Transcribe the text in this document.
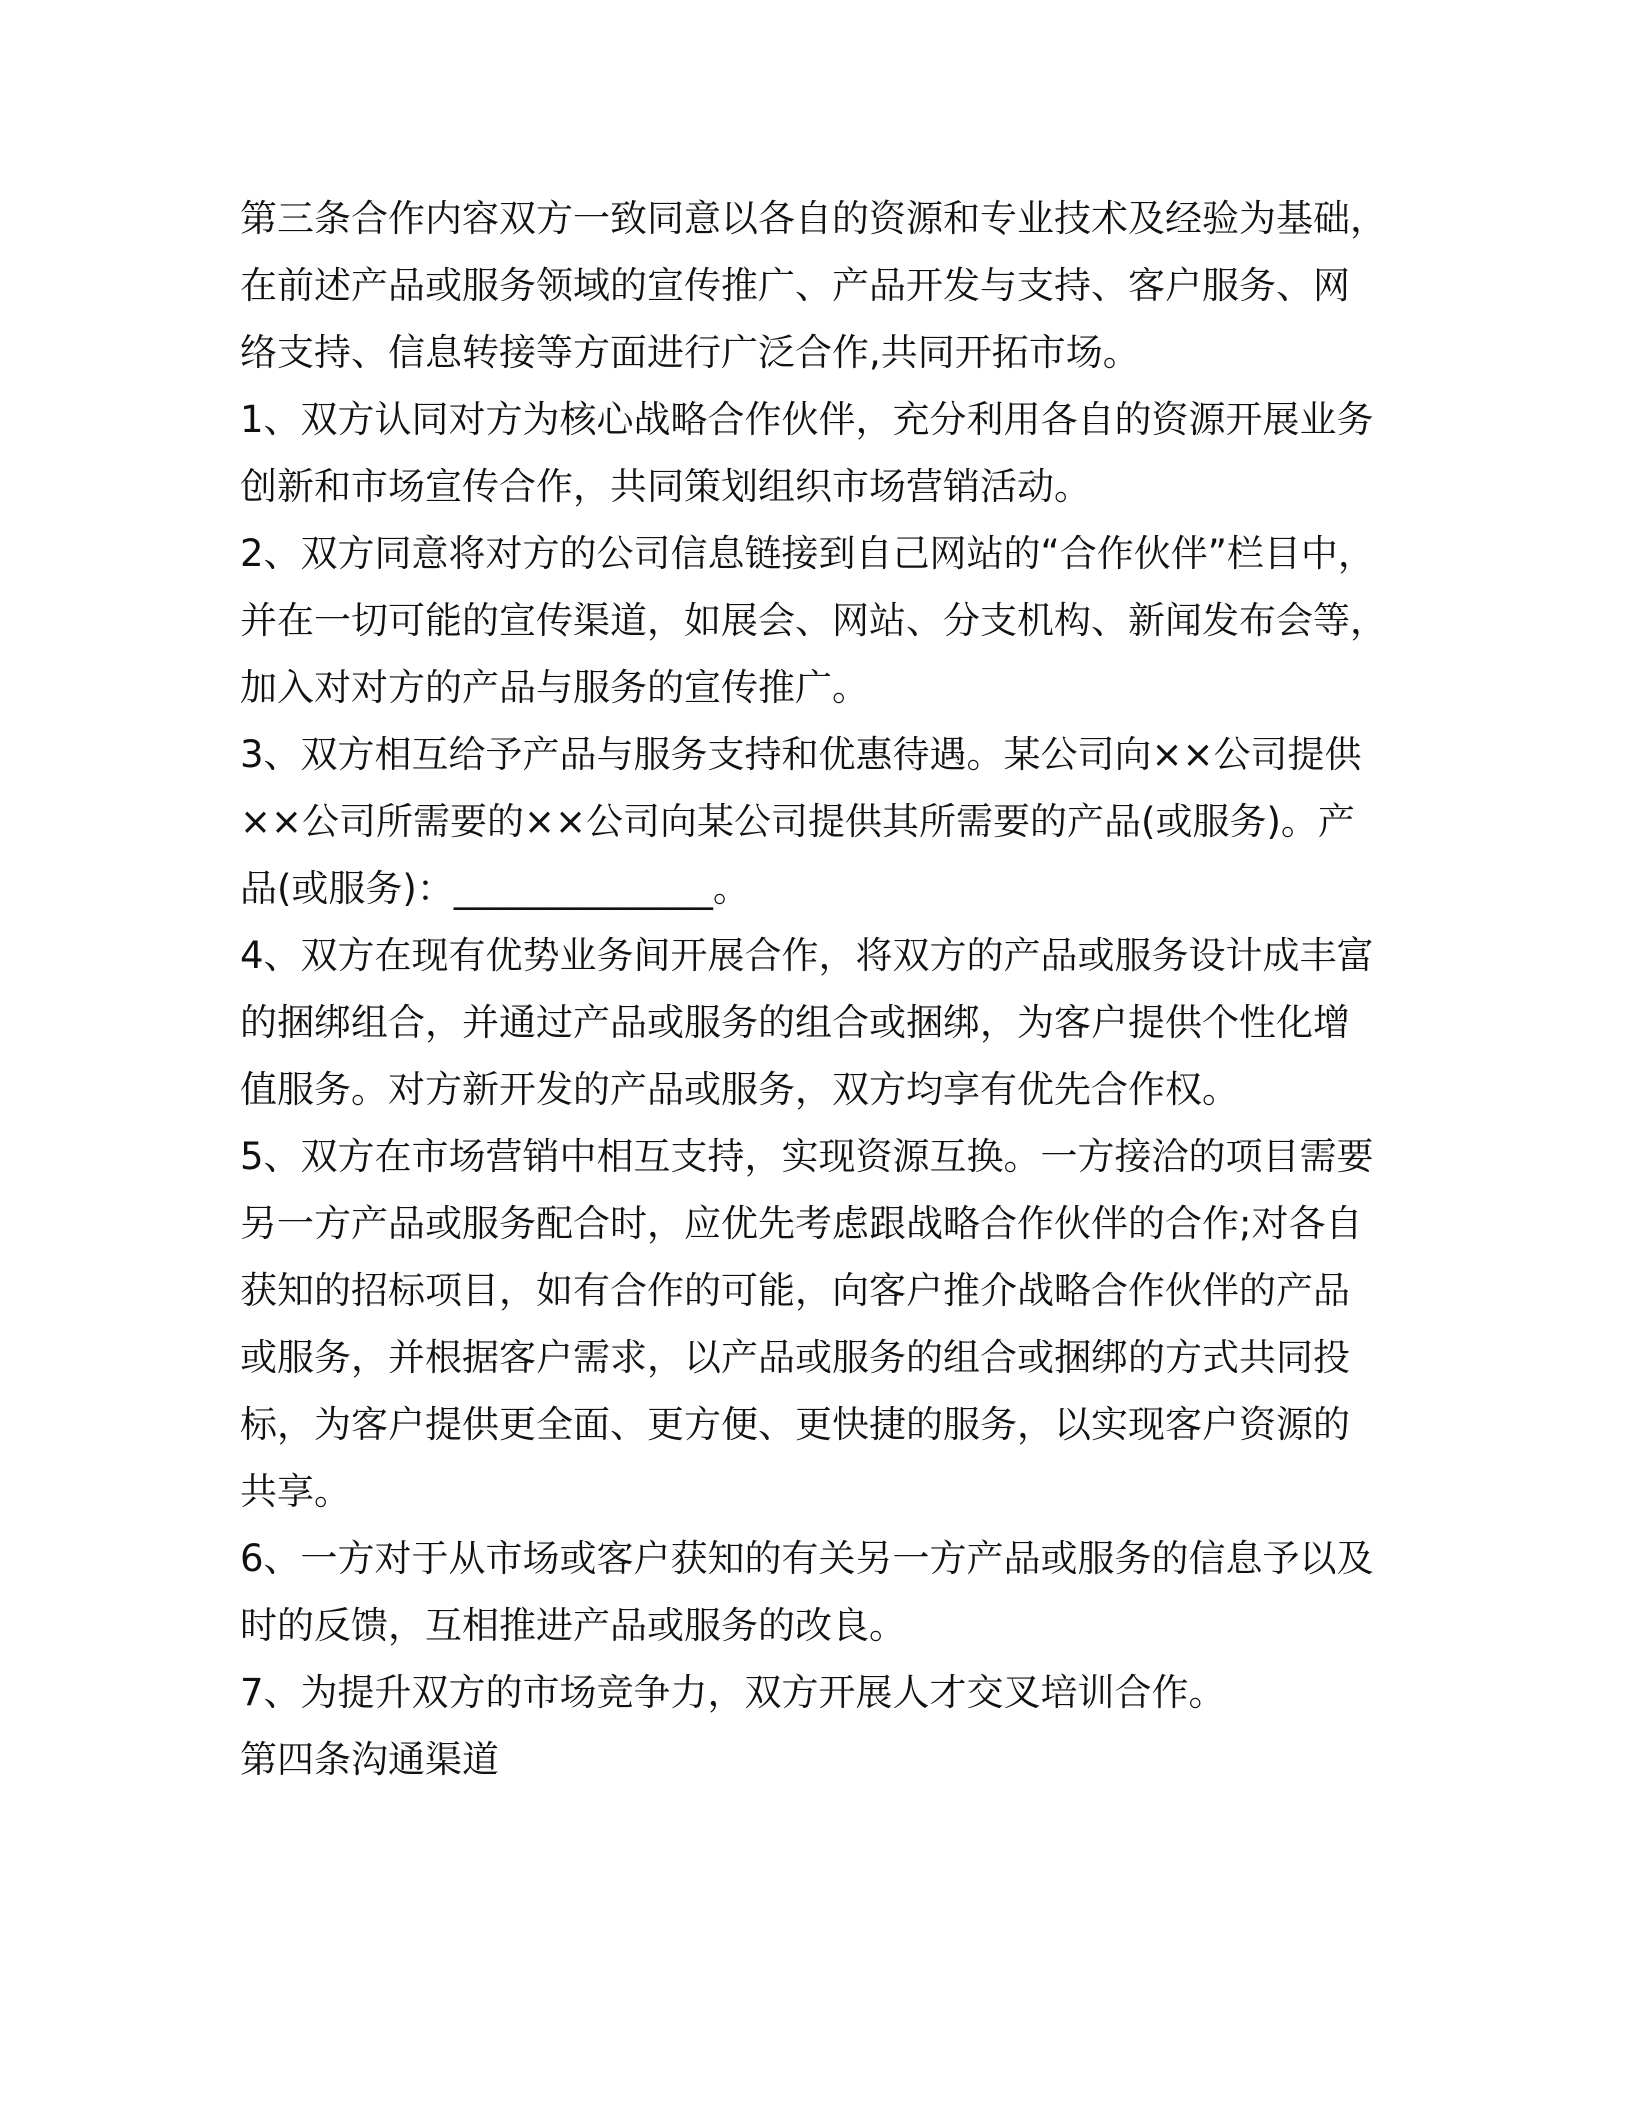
第三条合作内容双方一致同意以各自的资源和专业技术及经验为基础，
在前述产品或服务领域的宣传推广、产品开发与支持、客户服务、网
络支持、信息转接等方面进行广泛合作,共同开拓市场。

1、双方认同对方为核心战略合作伙伴，充分利用各自的资源开展业务
创新和市场宣传合作，共同策划组织市场营销活动。

2、双方同意将对方的公司信息链接到自己网站的“合作伙伴”栏目中，
并在一切可能的宣传渠道，如展会、网站、分支机构、新闻发布会等，
加入对对方的产品与服务的宣传推广。

3、双方相互给予产品与服务支持和优惠待遇。某公司向××公司提供
××公司所需要的××公司向某公司提供其所需要的产品(或服务)。产
品(或服务)：______________。

4、双方在现有优势业务间开展合作，将双方的产品或服务设计成丰富
的捆绑组合，并通过产品或服务的组合或捆绑，为客户提供个性化增
值服务。对方新开发的产品或服务，双方均享有优先合作权。

5、双方在市场营销中相互支持，实现资源互换。一方接洽的项目需要
另一方产品或服务配合时，应优先考虑跟战略合作伙伴的合作;对各自
获知的招标项目，如有合作的可能，向客户推介战略合作伙伴的产品
或服务，并根据客户需求，以产品或服务的组合或捆绑的方式共同投
标，为客户提供更全面、更方便、更快捷的服务，以实现客户资源的
共享。

6、一方对于从市场或客户获知的有关另一方产品或服务的信息予以及
时的反馈，互相推进产品或服务的改良。

7、为提升双方的市场竞争力，双方开展人才交叉培训合作。

第四条沟通渠道
